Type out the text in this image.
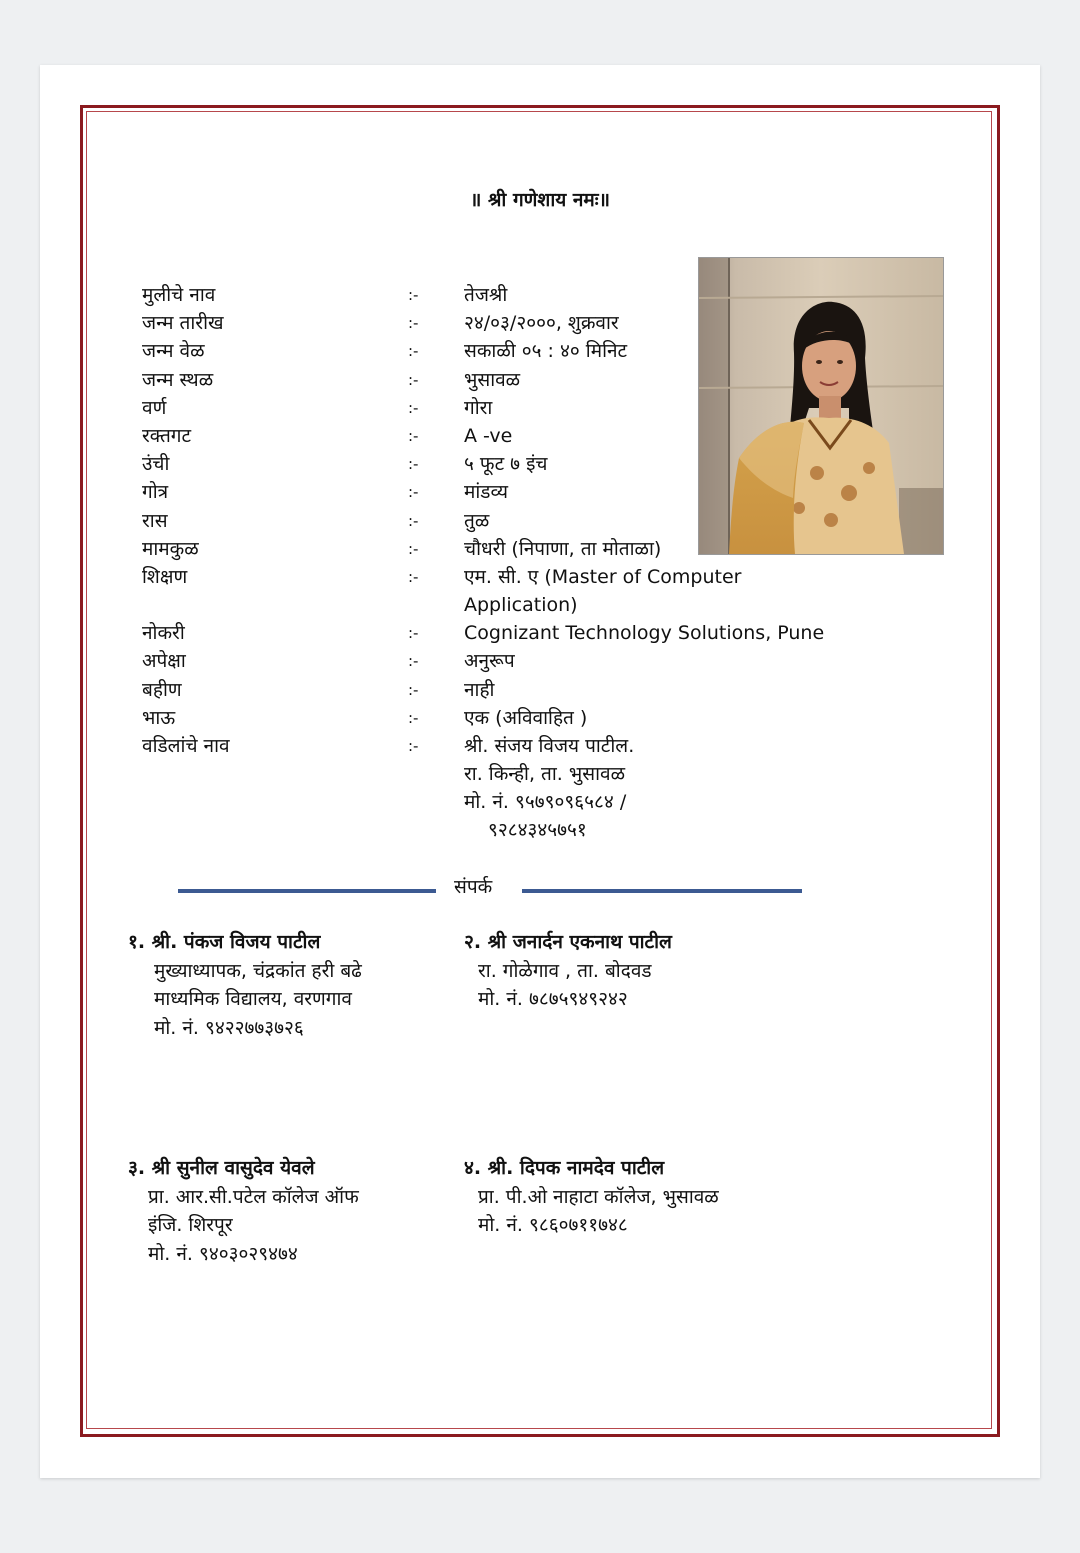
॥ श्री गणेशाय नमः॥
मुलीचे नाव	:-	तेजश्री
जन्म तारीख	:-	२४/०३/२०००, शुक्रवार
जन्म वेळ	:-	सकाळी ०५ : ४० मिनिट
जन्म स्थळ	:-	भुसावळ
वर्ण	:-	गोरा
रक्तगट	:-	A -ve
उंची	:-	५ फूट ७ इंच
गोत्र	:-	मांडव्य
रास	:-	तुळ
मामकुळ	:-	चौधरी (निपाणा, ता मोताळा)
शिक्षण	:-	एम. सी. ए (Master of Computer
Application)
नोकरी	:-	Cognizant Technology Solutions, Pune
अपेक्षा	:-	अनुरूप
बहीण	:-	नाही
भाऊ	:-	एक (अविवाहित )
वडिलांचे नाव	:-	श्री. संजय विजय पाटील.
रा. किन्ही, ता. भुसावळ
मो. नं. ९५७९०९६५८४ /
९२८४३४५७५१
संपर्क
१. श्री. पंकज विजय पाटील
मुख्याध्यापक, चंद्रकांत हरी बढे
माध्यमिक विद्यालय, वरणगाव
मो. नं. ९४२२७७३७२६
२. श्री जनार्दन एकनाथ पाटील
रा. गोळेगाव , ता. बोदवड
मो. नं. ७८७५९४९२४२
३. श्री सुनील वासुदेव येवले
प्रा. आर.सी.पटेल कॉलेज ऑफ
इंजि. शिरपूर
मो. नं. ९४०३०२९४७४
४. श्री. दिपक नामदेव पाटील
प्रा. पी.ओ नाहाटा कॉलेज, भुसावळ
मो. नं. ९८६०७११७४८
